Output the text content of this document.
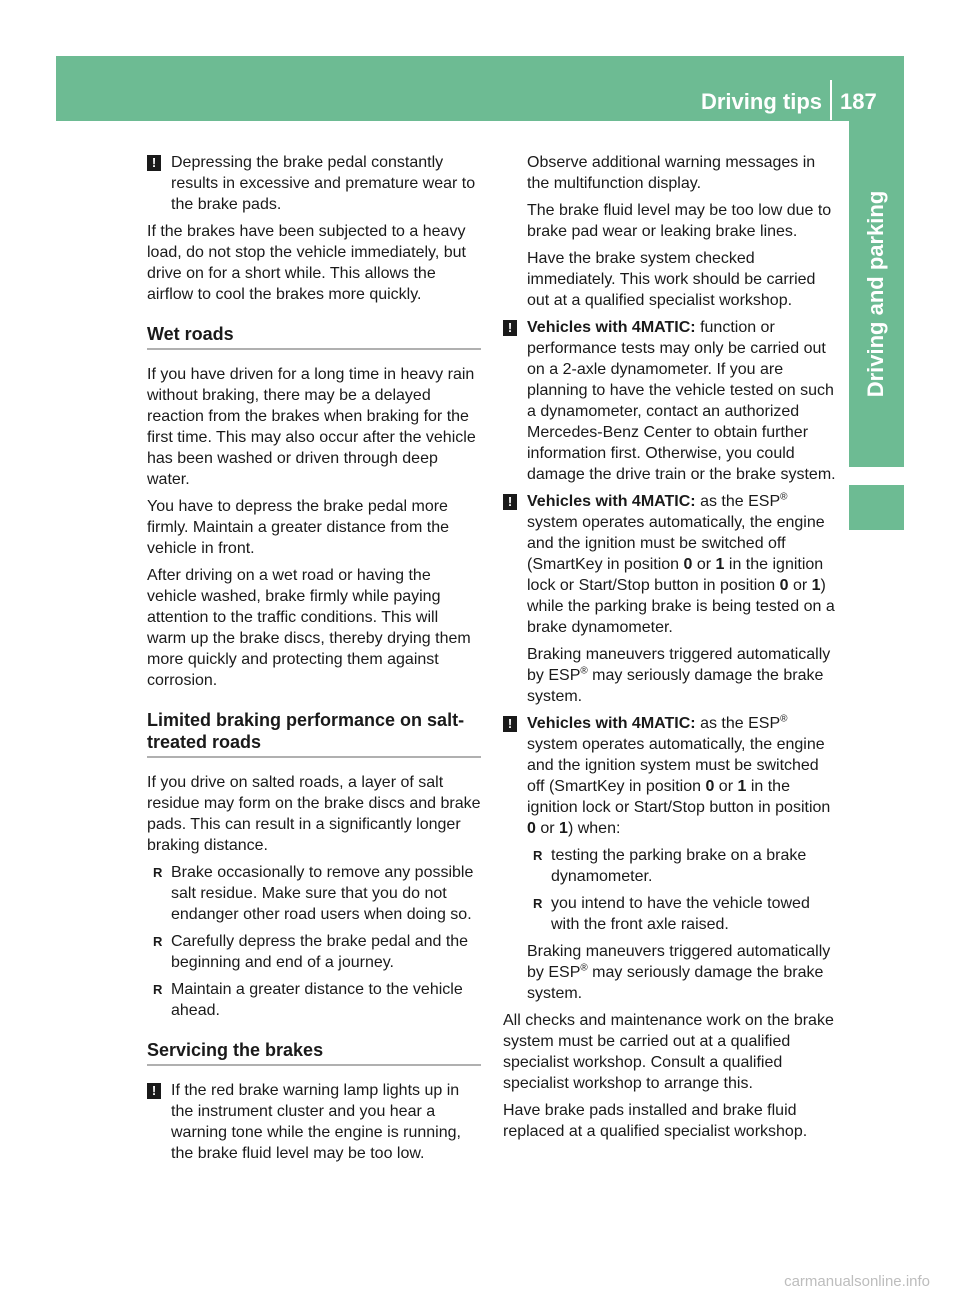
Driving tips 187
Driving and parking
! Depressing the brake pedal constantly results in excessive and premature wear to the brake pads.

If the brakes have been subjected to a heavy load, do not stop the vehicle immediately, but drive on for a short while. This allows the airflow to cool the brakes more quickly.

Wet roads

If you have driven for a long time in heavy rain without braking, there may be a delayed reaction from the brakes when braking for the first time. This may also occur after the vehicle has been washed or driven through deep water.

You have to depress the brake pedal more firmly. Maintain a greater distance from the vehicle in front.

After driving on a wet road or having the vehicle washed, brake firmly while paying attention to the traffic conditions. This will warm up the brake discs, thereby drying them more quickly and protecting them against corrosion.

Limited braking performance on salt-treated roads

If you drive on salted roads, a layer of salt residue may form on the brake discs and brake pads. This can result in a significantly longer braking distance.

R Brake occasionally to remove any possible salt residue. Make sure that you do not endanger other road users when doing so.
R Carefully depress the brake pedal and the beginning and end of a journey.
R Maintain a greater distance to the vehicle ahead.
Servicing the brakes
! If the red brake warning lamp lights up in the instrument cluster and you hear a warning tone while the engine is running, the brake fluid level may be too low.

Observe additional warning messages in the multifunction display.

The brake fluid level may be too low due to brake pad wear or leaking brake lines.

Have the brake system checked immediately. This work should be carried out at a qualified specialist workshop.

! Vehicles with 4MATIC: function or performance tests may only be carried out on a 2-axle dynamometer. If you are planning to have the vehicle tested on such a dynamometer, contact an authorized Mercedes-Benz Center to obtain further information first. Otherwise, you could damage the drive train or the brake system.
! Vehicles with 4MATIC: as the ESP® system operates automatically, the engine and the ignition must be switched off (SmartKey in position 0 or 1 in the ignition lock or Start/Stop button in position 0 or 1) while the parking brake is being tested on a brake dynamometer.

Braking maneuvers triggered automatically by ESP® may seriously damage the brake system.

! Vehicles with 4MATIC: as the ESP® system operates automatically, the engine and the ignition system must be switched off (SmartKey in position 0 or 1 in the ignition lock or Start/Stop button in position 0 or 1) when:
R testing the parking brake on a brake dynamometer.
R you intend to have the vehicle towed with the front axle raised.

Braking maneuvers triggered automatically by ESP® may seriously damage the brake system.

All checks and maintenance work on the brake system must be carried out at a qualified specialist workshop. Consult a qualified specialist workshop to arrange this.

Have brake pads installed and brake fluid replaced at a qualified specialist workshop.

carmanualsonline.info
